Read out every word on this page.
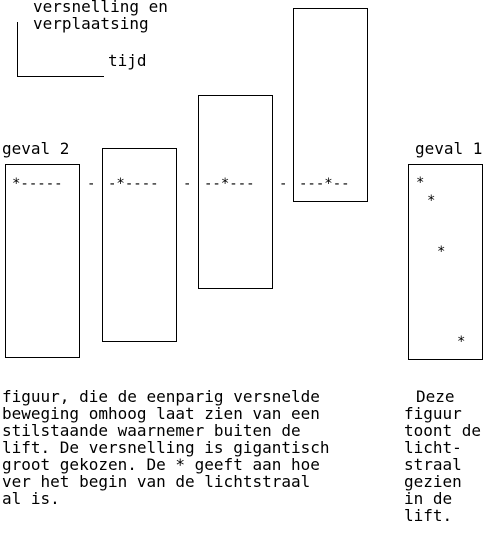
versnelling en
verplaatsing
tijd
geval 2	geval 1
*-----	-*----	--*---	---*--
-	-	-	*
*
*
*

figuur, die de eenparig versnelde
beweging omhoog laat zien van een
stilstaande waarnemer buiten de
lift. De versnelling is gigantisch
groot gekozen. De * geeft aan hoe
ver het begin van de lichtstraal
al is.

Deze
figuur
toont de
licht-
straal
gezien
in de
lift.
